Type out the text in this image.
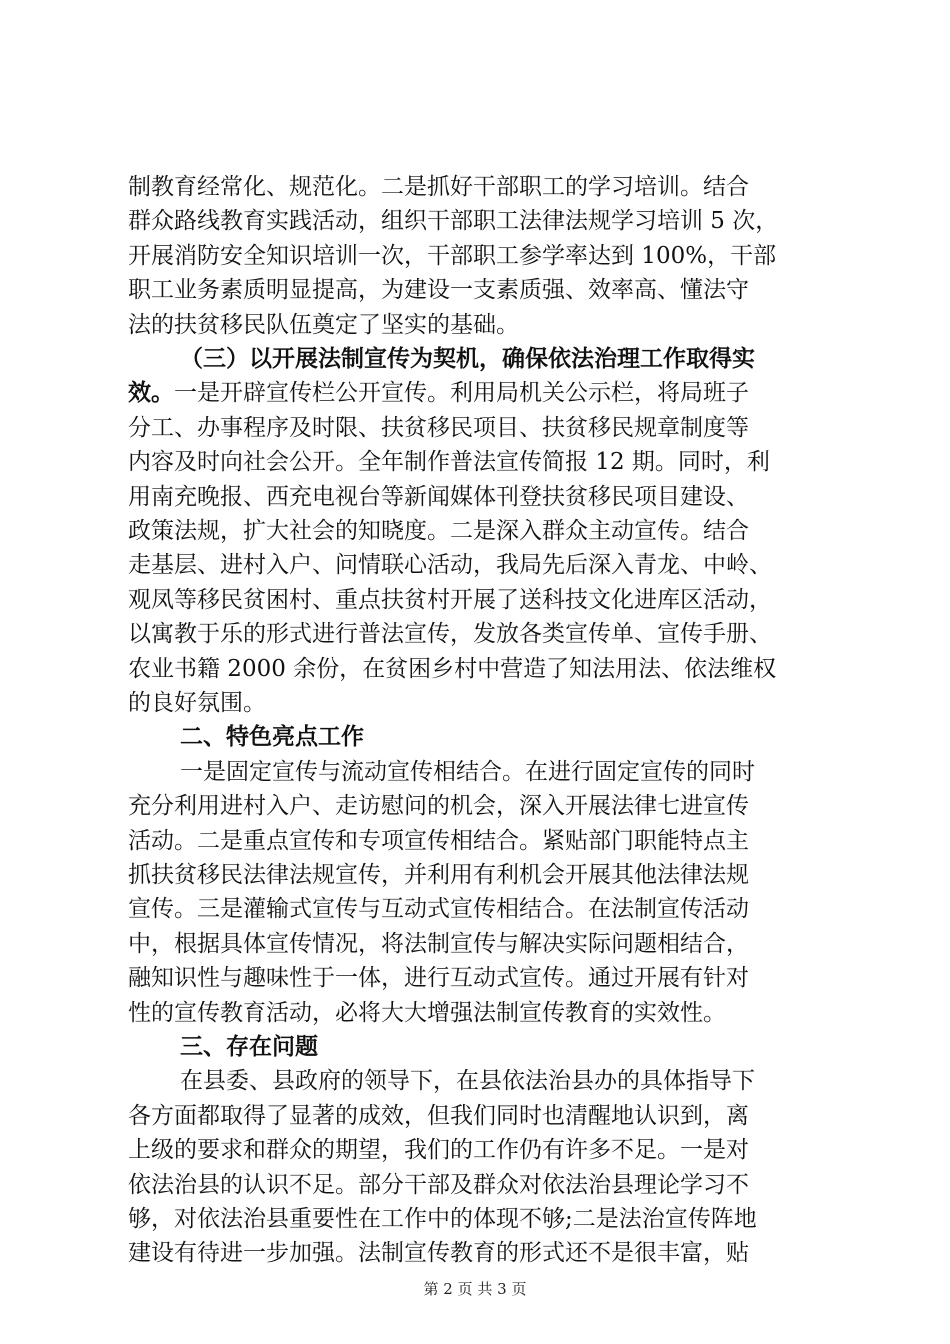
制教育经常化、规范化。二是抓好干部职工的学习培训。结合
群众路线教育实践活动，组织干部职工法律法规学习培训 5 次，
开展消防安全知识培训一次，干部职工参学率达到 100%，干部
职工业务素质明显提高，为建设一支素质强、效率高、懂法守
法的扶贫移民队伍奠定了坚实的基础。
（三）以开展法制宣传为契机，确保依法治理工作取得实
效。一是开辟宣传栏公开宣传。利用局机关公示栏，将局班子
分工、办事程序及时限、扶贫移民项目、扶贫移民规章制度等
内容及时向社会公开。全年制作普法宣传简报 12 期。同时，利
用南充晚报、西充电视台等新闻媒体刊登扶贫移民项目建设、
政策法规，扩大社会的知晓度。二是深入群众主动宣传。结合
走基层、进村入户、问情联心活动，我局先后深入青龙、中岭、
观凤等移民贫困村、重点扶贫村开展了送科技文化进库区活动，
以寓教于乐的形式进行普法宣传，发放各类宣传单、宣传手册、
农业书籍 2000 余份，在贫困乡村中营造了知法用法、依法维权
的良好氛围。
二、特色亮点工作
一是固定宣传与流动宣传相结合。在进行固定宣传的同时
充分利用进村入户、走访慰问的机会，深入开展法律七进宣传
活动。二是重点宣传和专项宣传相结合。紧贴部门职能特点主
抓扶贫移民法律法规宣传，并利用有利机会开展其他法律法规
宣传。三是灌输式宣传与互动式宣传相结合。在法制宣传活动
中，根据具体宣传情况，将法制宣传与解决实际问题相结合，
融知识性与趣味性于一体，进行互动式宣传。通过开展有针对
性的宣传教育活动，必将大大增强法制宣传教育的实效性。
三、存在问题
在县委、县政府的领导下，在县依法治县办的具体指导下
各方面都取得了显著的成效，但我们同时也清醒地认识到，离
上级的要求和群众的期望，我们的工作仍有许多不足。一是对
依法治县的认识不足。部分干部及群众对依法治县理论学习不
够，对依法治县重要性在工作中的体现不够;二是法治宣传阵地
建设有待进一步加强。法制宣传教育的形式还不是很丰富，贴
第 2 页 共 3 页
